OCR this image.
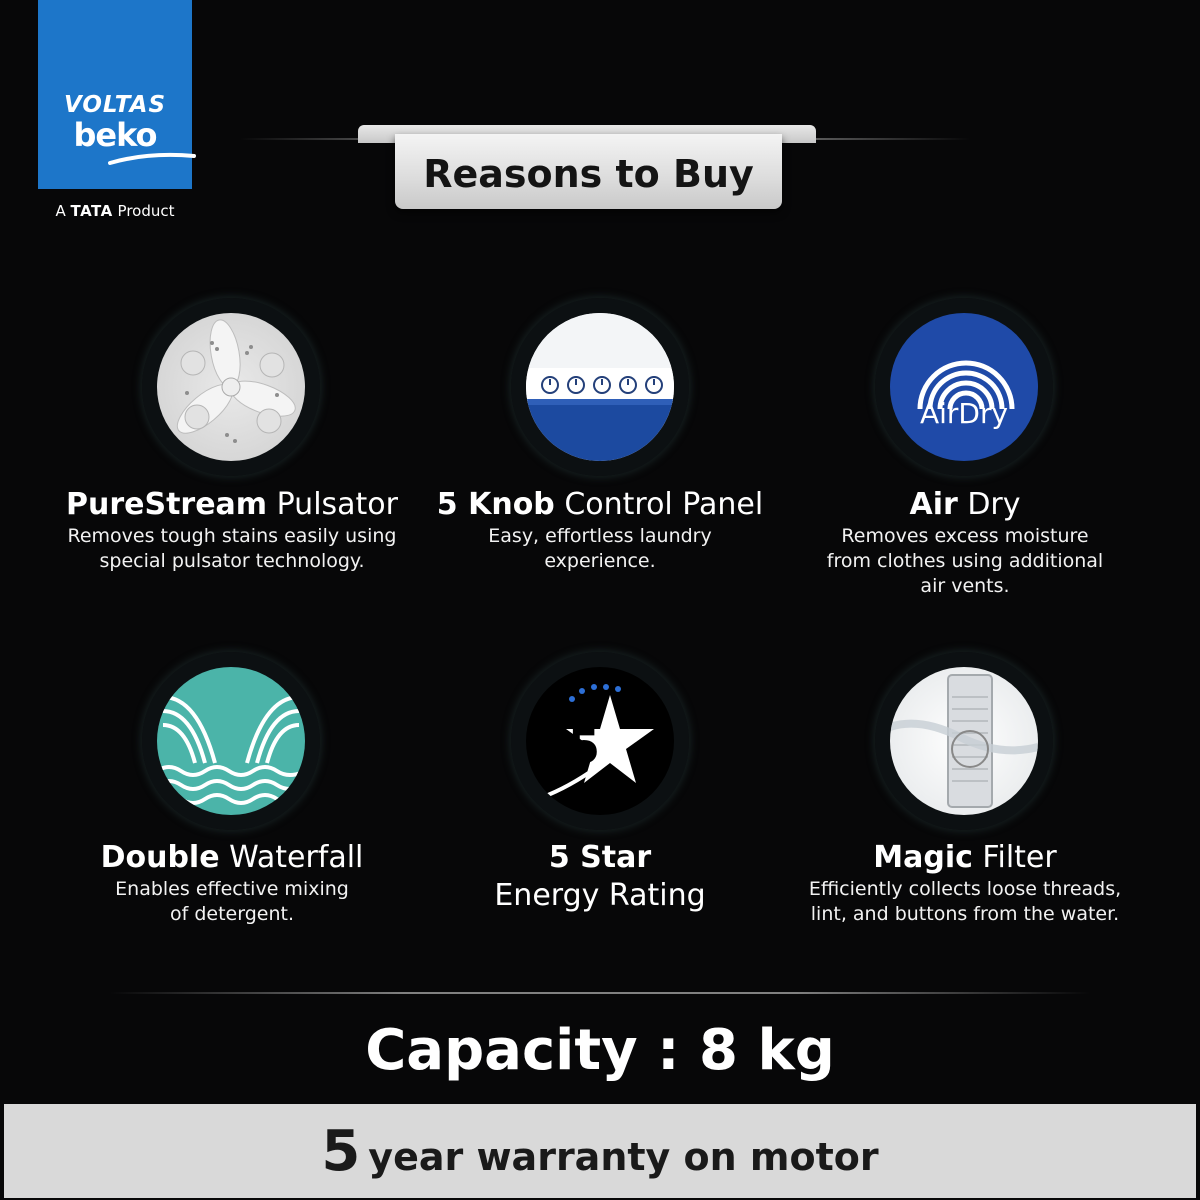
VOLTAS
beko
A TATA Product
Reasons to Buy
PureStream Pulsator
Removes tough stains easily using
special pulsator technology.
5 Knob Control Panel
Easy, effortless laundry
experience.
AirDry
Air Dry
Removes excess moisture
from clothes using additional
air vents.
Double Waterfall
Enables effective mixing
of detergent.
5
5 Star
Energy Rating
Magic Filter
Efficiently collects loose threads,
lint, and buttons from the water.
Capacity : 8 kg
5 year warranty on motor
